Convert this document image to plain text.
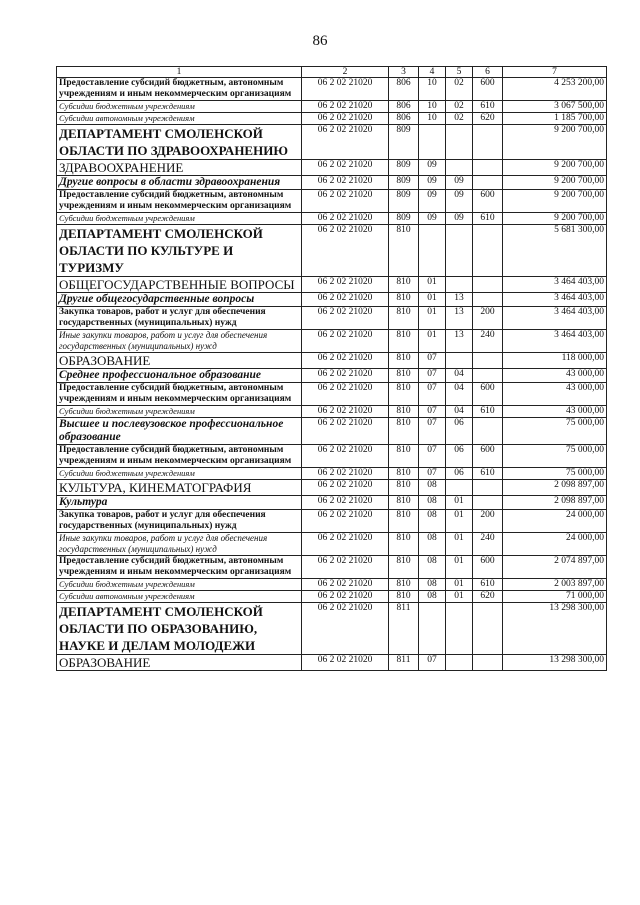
86
1	2	3	4	5	6	7
Предоставление субсидий бюджетным, автономным учреждениям и иным некоммерческим организациям	06 2 02 21020	806	10	02	600	4 253 200,00
Субсидии бюджетным учреждениям	06 2 02 21020	806	10	02	610	3 067 500,00
Субсидии автономным учреждениям	06 2 02 21020	806	10	02	620	1 185 700,00
ДЕПАРТАМЕНТ СМОЛЕНСКОЙ ОБЛАСТИ ПО ЗДРАВООХРАНЕНИЮ	06 2 02 21020	809				9 200 700,00
ЗДРАВООХРАНЕНИЕ	06 2 02 21020	809	09			9 200 700,00
Другие вопросы в области здравоохранения	06 2 02 21020	809	09	09		9 200 700,00
Предоставление субсидий бюджетным, автономным учреждениям и иным некоммерческим организациям	06 2 02 21020	809	09	09	600	9 200 700,00
Субсидии бюджетным учреждениям	06 2 02 21020	809	09	09	610	9 200 700,00
ДЕПАРТАМЕНТ СМОЛЕНСКОЙ ОБЛАСТИ ПО КУЛЬТУРЕ И ТУРИЗМУ	06 2 02 21020	810				5 681 300,00
ОБЩЕГОСУДАРСТВЕННЫЕ ВОПРОСЫ	06 2 02 21020	810	01			3 464 403,00
Другие общегосударственные вопросы	06 2 02 21020	810	01	13		3 464 403,00
Закупка товаров, работ и услуг для обеспечения государственных (муниципальных) нужд	06 2 02 21020	810	01	13	200	3 464 403,00
Иные закупки товаров, работ и услуг для обеспечения государственных (муниципальных) нужд	06 2 02 21020	810	01	13	240	3 464 403,00
ОБРАЗОВАНИЕ	06 2 02 21020	810	07			118 000,00
Среднее профессиональное образование	06 2 02 21020	810	07	04		43 000,00
Предоставление субсидий бюджетным, автономным учреждениям и иным некоммерческим организациям	06 2 02 21020	810	07	04	600	43 000,00
Субсидии бюджетным учреждениям	06 2 02 21020	810	07	04	610	43 000,00
Высшее и послевузовское профессиональное образование	06 2 02 21020	810	07	06		75 000,00
Предоставление субсидий бюджетным, автономным учреждениям и иным некоммерческим организациям	06 2 02 21020	810	07	06	600	75 000,00
Субсидии бюджетным учреждениям	06 2 02 21020	810	07	06	610	75 000,00
КУЛЬТУРА, КИНЕМАТОГРАФИЯ	06 2 02 21020	810	08			2 098 897,00
Культура	06 2 02 21020	810	08	01		2 098 897,00
Закупка товаров, работ и услуг для обеспечения государственных (муниципальных) нужд	06 2 02 21020	810	08	01	200	24 000,00
Иные закупки товаров, работ и услуг для обеспечения государственных (муниципальных) нужд	06 2 02 21020	810	08	01	240	24 000,00
Предоставление субсидий бюджетным, автономным учреждениям и иным некоммерческим организациям	06 2 02 21020	810	08	01	600	2 074 897,00
Субсидии бюджетным учреждениям	06 2 02 21020	810	08	01	610	2 003 897,00
Субсидии автономным учреждениям	06 2 02 21020	810	08	01	620	71 000,00
ДЕПАРТАМЕНТ СМОЛЕНСКОЙ ОБЛАСТИ ПО ОБРАЗОВАНИЮ, НАУКЕ И ДЕЛАМ МОЛОДЕЖИ	06 2 02 21020	811				13 298 300,00
ОБРАЗОВАНИЕ	06 2 02 21020	811	07			13 298 300,00
